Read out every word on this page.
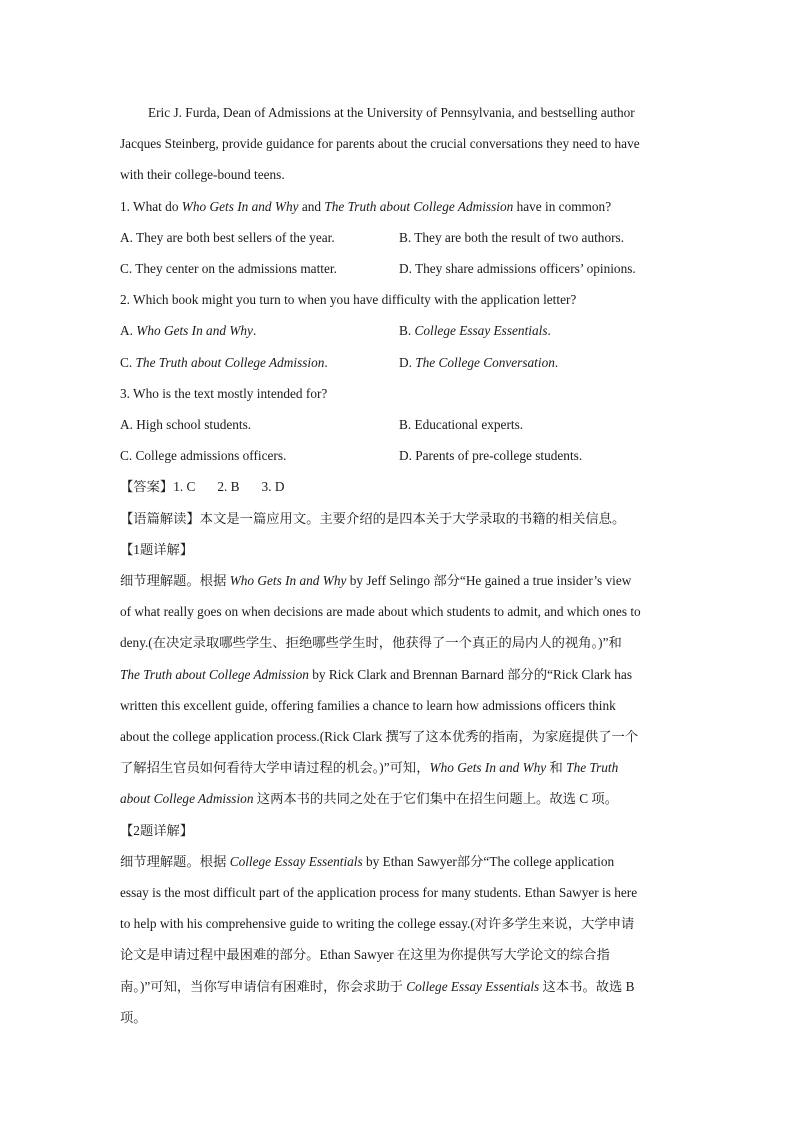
Eric J. Furda, Dean of Admissions at the University of Pennsylvania, and bestselling author

Jacques Steinberg, provide guidance for parents about the crucial conversations they need to have

with their college-bound teens.

1. What do Who Gets In and Why and The Truth about College Admission have in common?

A. They are both best sellers of the year.	B. They are both the result of two authors.
C. They center on the admissions matter.	D. They share admissions officers’ opinions.

2. Which book might you turn to when you have difficulty with the application letter?

A. Who Gets In and Why.	B. College Essay Essentials.
C. The Truth about College Admission.	D. The College Conversation.

3. Who is the text mostly intended for?

A. High school students.	B. Educational experts.
C. College admissions officers.	D. Parents of pre-college students.

【答案】1. C 2. B 3. D

【语篇解读】本文是一篇应用文。主要介绍的是四本关于大学录取的书籍的相关信息。

【1题详解】

细节理解题。根据 Who Gets In and Why by Jeff Selingo 部分“He gained a true insider’s view

of what really goes on when decisions are made about which students to admit, and which ones to

deny.(在决定录取哪些学生、拒绝哪些学生时，他获得了一个真正的局内人的视角。)”和

The Truth about College Admission by Rick Clark and Brennan Barnard 部分的“Rick Clark has

written this excellent guide, offering families a chance to learn how admissions officers think

about the college application process.(Rick Clark 撰写了这本优秀的指南，为家庭提供了一个

了解招生官员如何看待大学申请过程的机会。)”可知，Who Gets In and Why 和 The Truth

about College Admission 这两本书的共同之处在于它们集中在招生问题上。故选 C 项。

【2题详解】

细节理解题。根据 College Essay Essentials by Ethan Sawyer部分“The college application

essay is the most difficult part of the application process for many students. Ethan Sawyer is here

to help with his comprehensive guide to writing the college essay.(对许多学生来说，大学申请

论文是申请过程中最困难的部分。Ethan Sawyer 在这里为你提供写大学论文的综合指

南。)”可知，当你写申请信有困难时，你会求助于 College Essay Essentials 这本书。故选 B

项。
